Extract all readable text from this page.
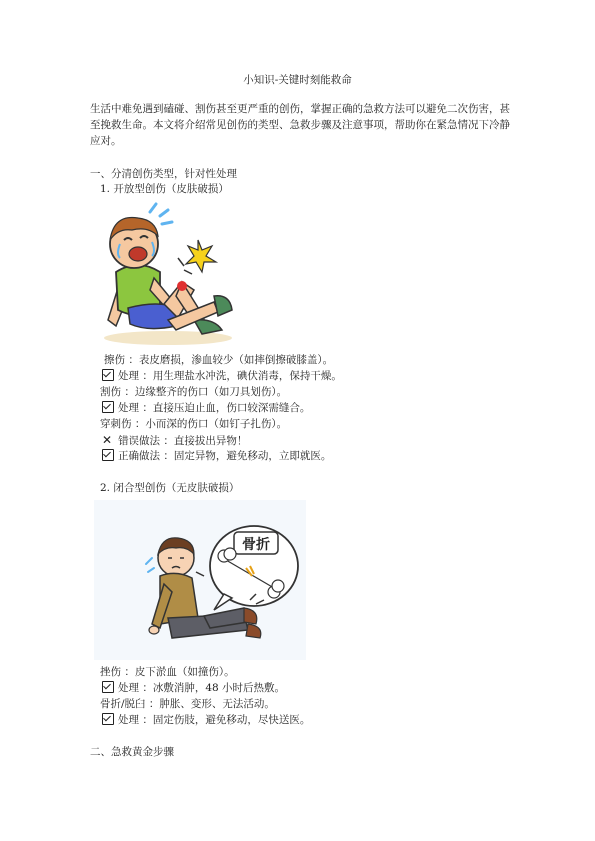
小知识-关键时刻能救命
生活中难免遇到磕碰、割伤甚至更严重的创伤，掌握正确的急救方法可以避免二次伤害，甚至挽救生命。本文将介绍常见创伤的类型、急救步骤及注意事项，帮助你在紧急情况下冷静应对。
一、分清创伤类型，针对性处理
1. 开放型创伤（皮肤破损）
擦伤 ：表皮磨损，渗血较少（如摔倒擦破膝盖）。
处理 ：用生理盐水冲洗，碘伏消毒，保持干燥。
割伤 ：边缘整齐的伤口（如刀具划伤）。
处理 ：直接压迫止血，伤口较深需缝合。
穿刺伤 ：小而深的伤口（如钉子扎伤）。
✕ 错误做法 ：直接拔出异物！
正确做法 ：固定异物，避免移动，立即就医。
2. 闭合型创伤（无皮肤破损）
骨折
挫伤 ：皮下淤血（如撞伤）。
处理 ：冰敷消肿，48 小时后热敷。
骨折/脱臼 ：肿胀、变形、无法活动。
处理 ：固定伤肢，避免移动，尽快送医。
二、急救黄金步骤
